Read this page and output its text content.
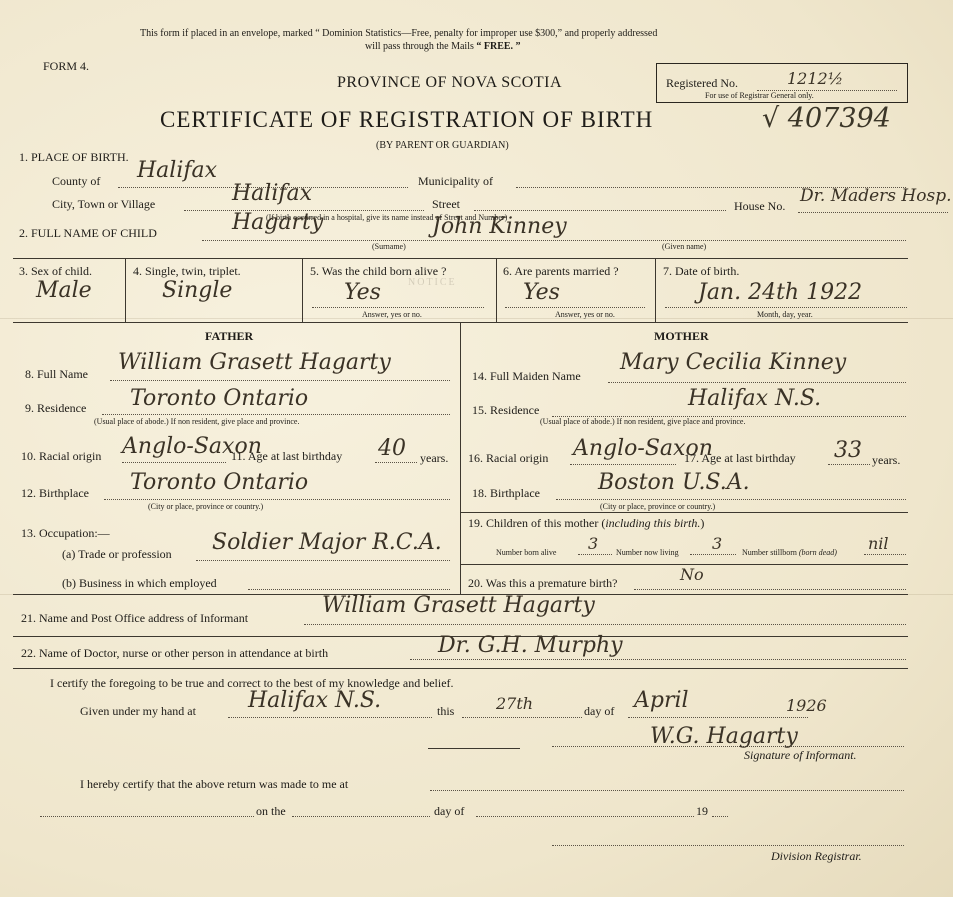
NOTICE
This form if placed in an envelope, marked “ Dominion Statistics—Free, penalty for improper use $300,” and properly addressed
will pass through the Mails “ FREE. ”
FORM 4.
PROVINCE OF NOVA SCOTIA	Registered No.	1212½
For use of Registrar General only.
CERTIFICATE OF REGISTRATION OF BIRTH	√ 407394
(BY PARENT OR GUARDIAN)
1. PLACE OF BIRTH.
County of Halifax	Municipality of
City, Town or Village	Halifax	Street	House No. Dr. Maders Hosp.
(If birth occurred in a hospital, give its name instead of Street and Number)
2. FULL NAME OF CHILD	Hagarty
(Surname)
John Kinney
(Given name)
3. Sex of child.
Male
4. Single, twin, triplet.
Single
5. Was the child born alive ?
Yes
Answer, yes or no.
6. Are parents married ?
Yes
Answer, yes or no.
7. Date of birth.
Jan. 24th 1922
Month, day, year.
FATHER	MOTHER
8. Full Name William Grasett Hagarty
9. Residence Toronto Ontario
(Usual place of abode.) If non resident, give place and province.
10. Racial origin Anglo-Saxon
11. Age at last birthday 40 years.
12. Birthplace Toronto Ontario
(City or place, province or country.)
13. Occupation:—
(a) Trade or profession Soldier Major R.C.A.
(b) Business in which employed
14. Full Maiden Name
Mary Cecilia Kinney
15. Residence	Halifax N.S.
(Usual place of abode.) If non resident, give place and province.
16. Racial origin Anglo-Saxon
17. Age at last birthday 33 years.
18. Birthplace	Boston U.S.A.
(City or place, province or country.)
19. Children of this mother (including this birth.)
Number born alive 3 Number now living 3 Number stillborn (born dead) nil
20. Was this a premature birth?	No
21. Name and Post Office address of Informant	William Grasett Hagarty
22. Name of Doctor, nurse or other person in attendance at birth	Dr. G.H. Murphy
I certify the foregoing to be true and correct to the best of my knowledge and belief.
Given under my hand at Halifax N.S.	this	27th	day of April	1926
W.G. Hagarty
Signature of Informant.
I hereby certify that the above return was made to me at
on the	day of	19
Division Registrar.
